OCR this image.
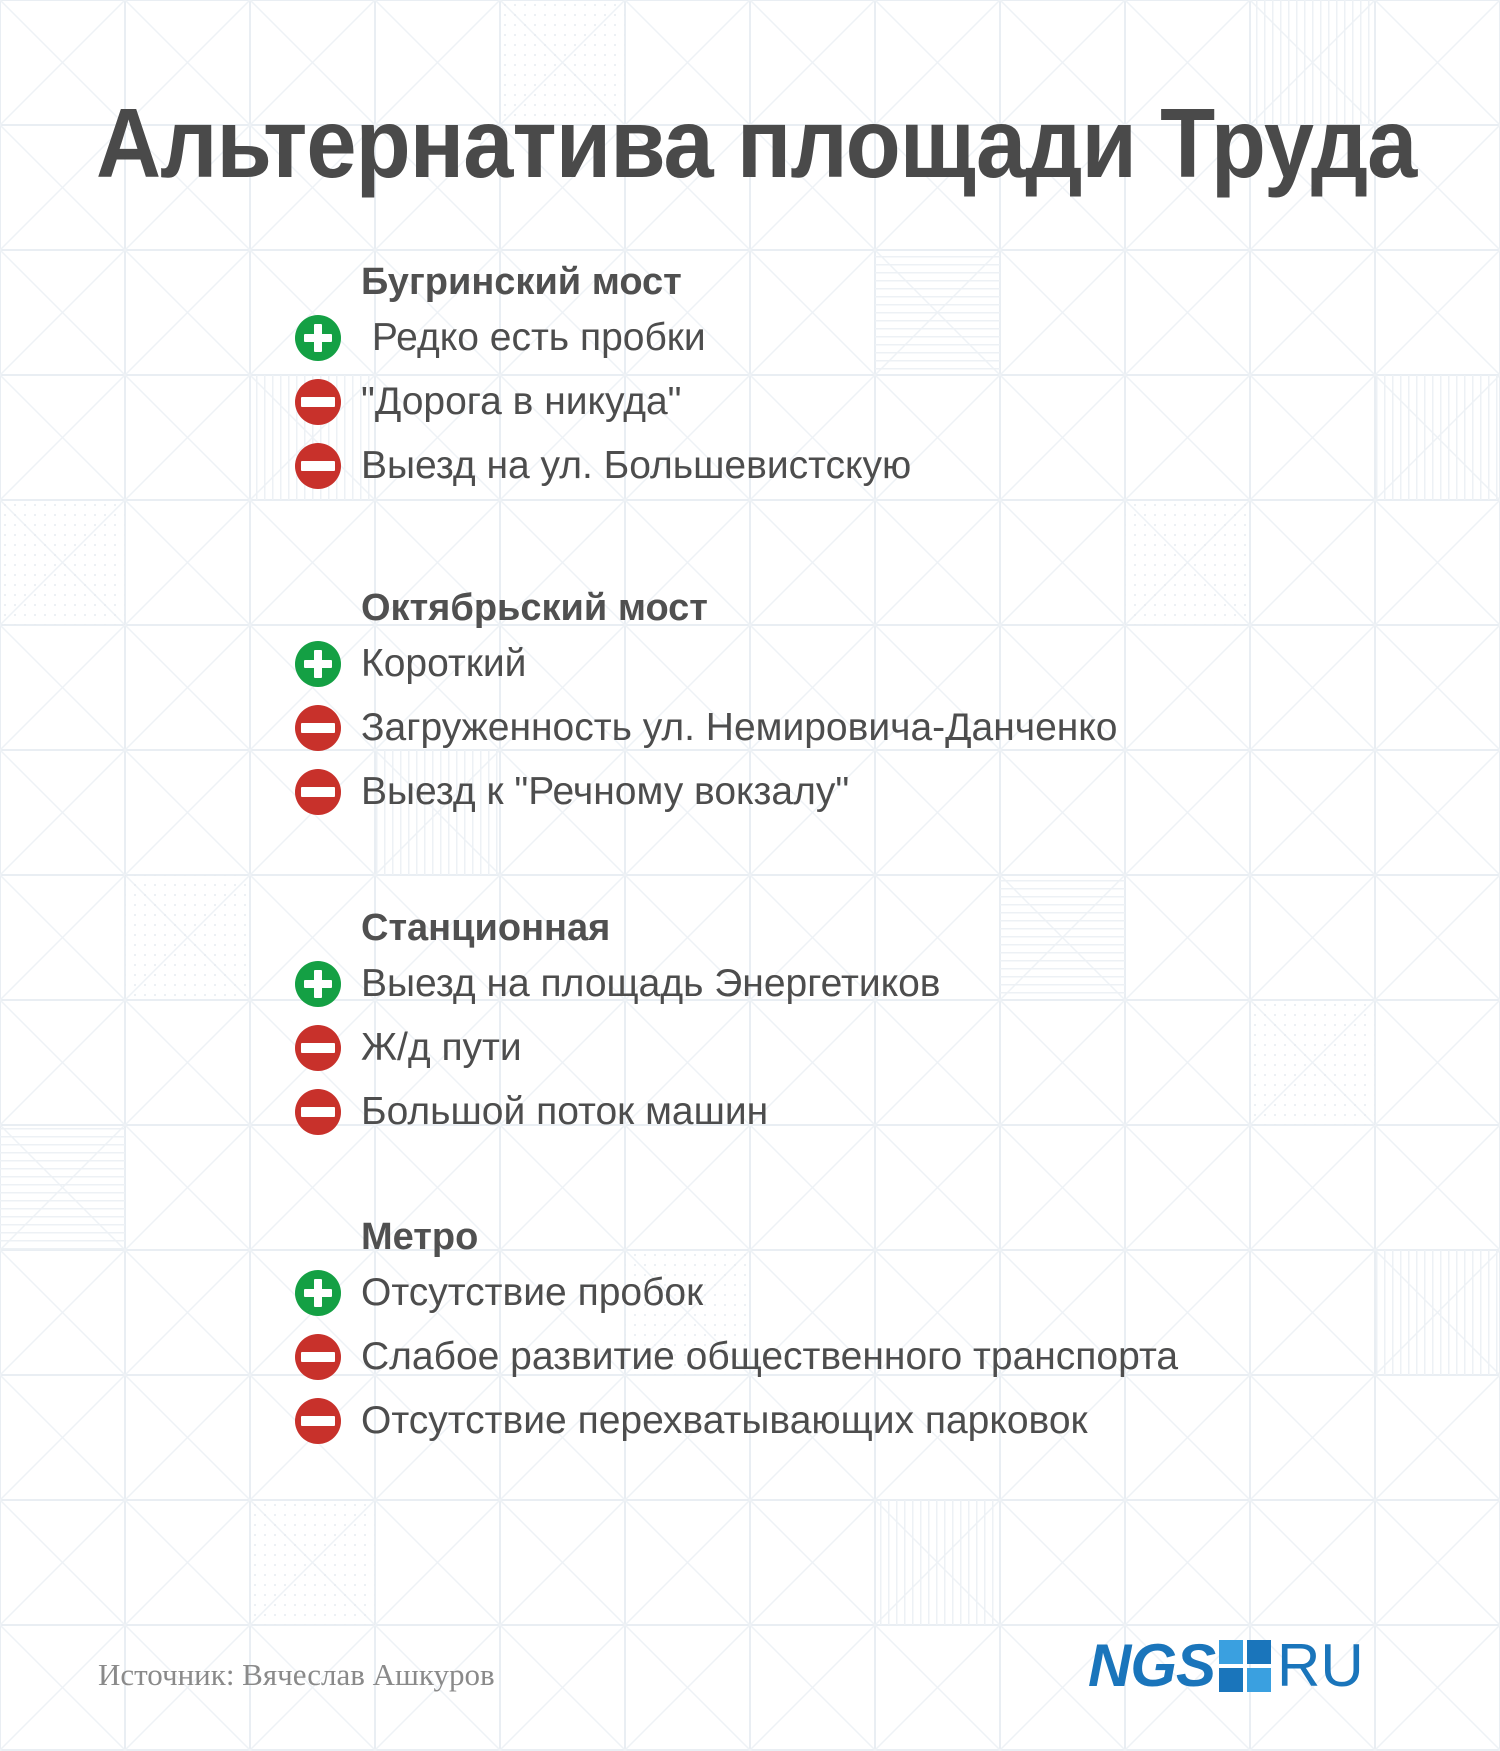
Альтернатива площади Труда
Бугринский мост
Редко есть пробки
"Дорога в никуда"
Выезд на ул. Большевистскую
Октябрьский мост
Короткий
Загруженность ул. Немировича-Данченко
Выезд к "Речному вокзалу"
Станционная
Выезд на площадь Энергетиков
Ж/д пути
Большой поток машин
Метро
Отсутствие пробок
Слабое развитие общественного транспорта
Отсутствие перехватывающих парковок
Источник: Вячеслав Ашкуров	NGS RU
